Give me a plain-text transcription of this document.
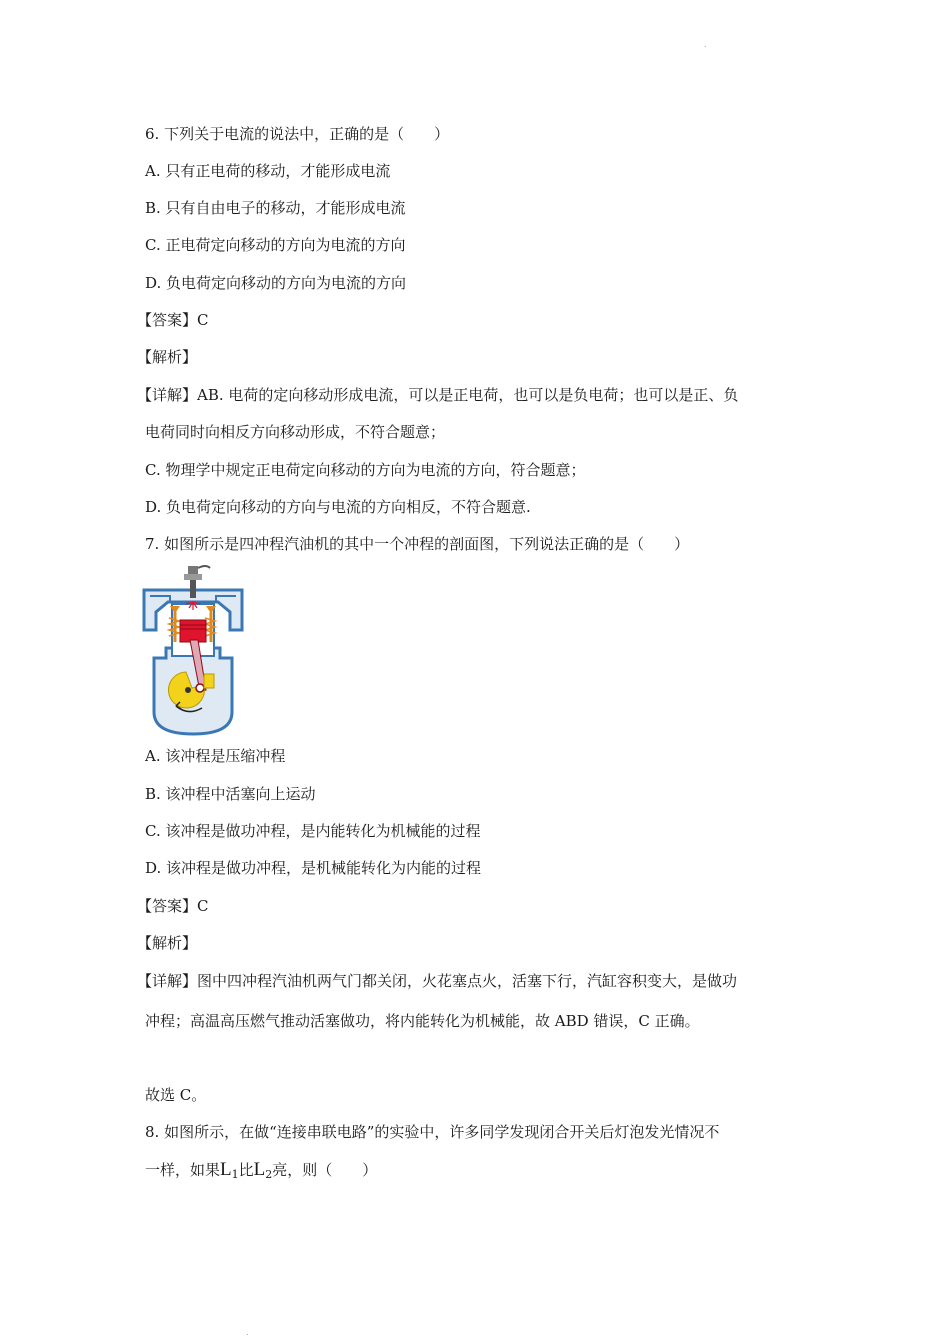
.
6. 下列关于电流的说法中，正确的是（　　）
A. 只有正电荷的移动，才能形成电流
B. 只有自由电子的移动，才能形成电流
C. 正电荷定向移动的方向为电流的方向
D. 负电荷定向移动的方向为电流的方向
【答案】C
【解析】
【详解】AB. 电荷的定向移动形成电流，可以是正电荷，也可以是负电荷；也可以是正、负
电荷同时向相反方向移动形成，不符合题意；
C. 物理学中规定正电荷定向移动的方向为电流的方向，符合题意；
D. 负电荷定向移动的方向与电流的方向相反，不符合题意.
7. 如图所示是四冲程汽油机的其中一个冲程的剖面图，下列说法正确的是（　　）
A. 该冲程是压缩冲程
B. 该冲程中活塞向上运动
C. 该冲程是做功冲程，是内能转化为机械能的过程
D. 该冲程是做功冲程，是机械能转化为内能的过程
【答案】C
【解析】
【详解】图中四冲程汽油机两气门都关闭，火花塞点火，活塞下行，汽缸容积变大，是做功
冲程；高温高压燃气推动活塞做功，将内能转化为机械能，故 ABD 错误，C 正确。
故选 C。
8. 如图所示，在做“连接串联电路”的实验中，许多同学发现闭合开关后灯泡发光情况不
一样，如果$L_1$比$L_2$亮，则（　　）
.
